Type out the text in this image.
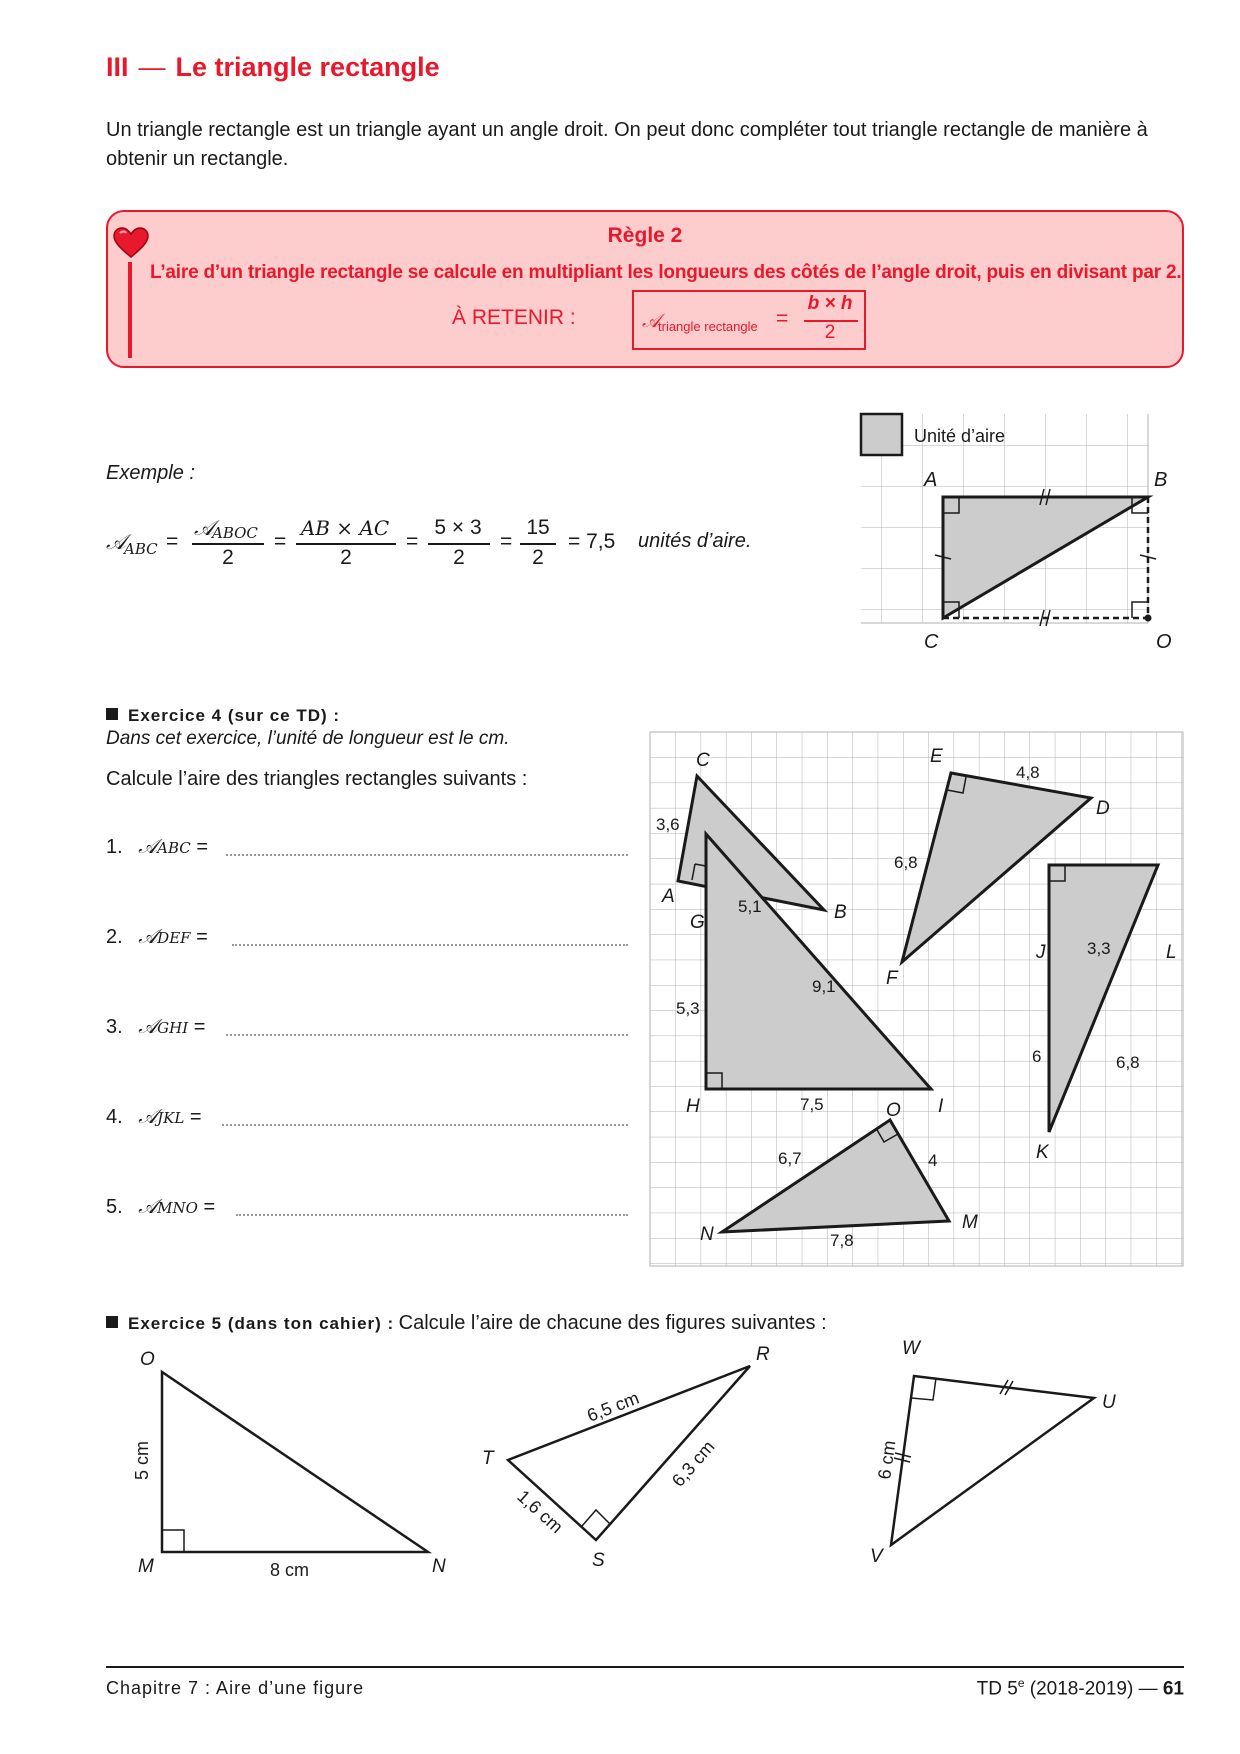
III — Le triangle rectangle
Un triangle rectangle est un triangle ayant un angle droit. On peut donc compléter tout triangle rectangle de manière à obtenir un rectangle.
Règle 2
L’aire d’un triangle rectangle se calcule en multipliant les longueurs des côtés de l’angle droit, puis en divisant par 2.
À RETENIR :	𝒜
triangle rectangle =
b × h
2
Exemple :
𝒜
ABC =
𝒜
ABOC
2
=
AB × AC
2
=
5 × 3
2
=
15
2
= 7,5 unités d’aire.
Unité d’aire
A	B
C	O
Exercice 4 (sur ce TD) :
Dans cet exercice, l’unité de longueur est le cm.
Calcule l’aire des triangles rectangles suivants :
1. 𝒜ABC =
2. 𝒜DEF =
3. 𝒜GHI =
4. 𝒜JKL =
5. 𝒜MNO =
C
A
B
3,6
5,1
E
D
F
4,8
6,8
G
H	I
5,3
9,1
7,5
J	L
K
3,3
6	6,8
O
N
M
6,7	4
7,8
Exercice 5 (dans ton cahier) : Calcule l’aire de chacune des figures suivantes :
O
M	N
5 cm
8 cm
R
T
S
6,5 cm
6,3 cm
1,6 cm
W
U
V
6 cm
Chapitre 7 : Aire d’une figure	TD 5e (2018-2019) — 61
